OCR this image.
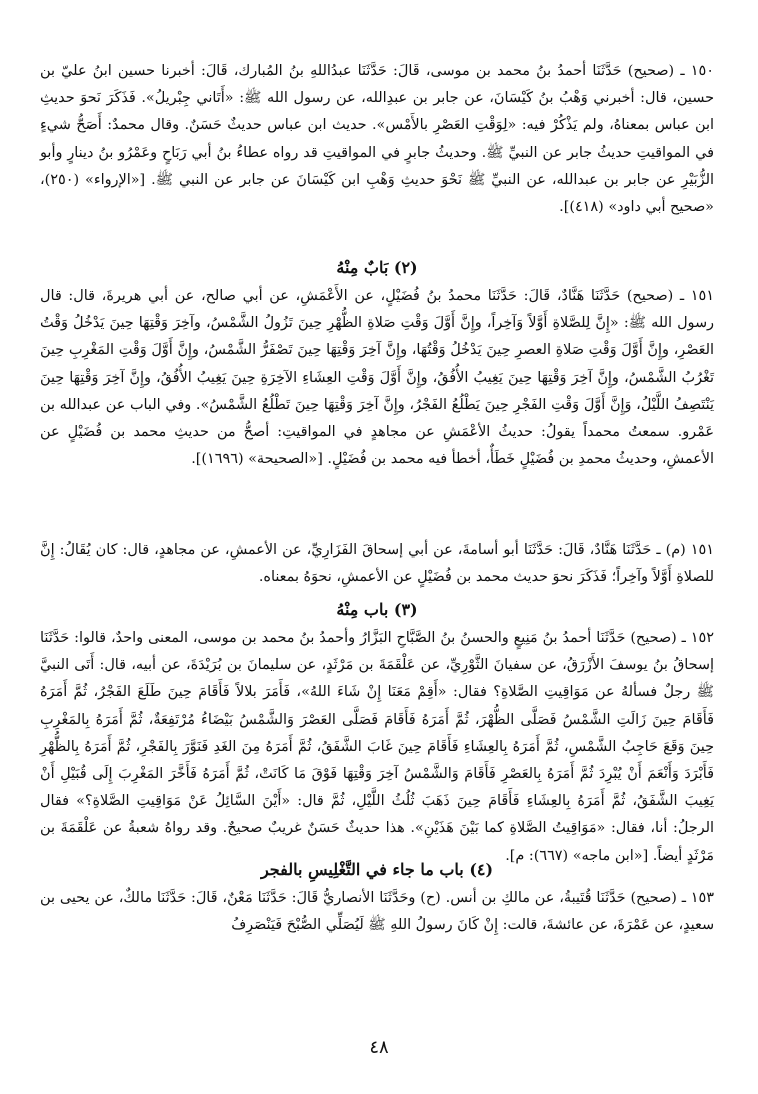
١٥٠ ـ (صحيح) حَدَّثَنَا أحمدُ بنُ محمد بن موسى، قَالَ: حَدَّثَنَا عبدُاللهِ بنُ المُبارك، قَالَ: أخبرنا حسين ابنُ عليّ بن حسين، قال: أخبرني وَهْبُ بنُ كَيْسَانَ، عن جابر بن عبدِالله، عن رسول الله ﷺ: «أَتَاني جِبْريلُ». فَذَكَرَ نَحوَ حديثِ ابن عباس بمعناهُ، ولم يَذْكُرْ فيه: «لِوَقْتِ العَصْرِ بالأَمْس». حديث ابن عباس حديثٌ حَسَنٌ. وقال محمدٌ: أَصَحُّ شيءٍ في المواقيتِ حديثُ جابر عن النبيِّ ﷺ. وحديثُ جابرٍ في المواقيتِ قد رواه عطاءُ بنُ أبي رَبَاحٍ وعَمْرُو بنُ دينارٍ وأبو الزُّبَيْرِ عن جابر بن عبدالله، عن النبيِّ ﷺ نَحْوَ حديثِ وَهْبِ ابن كَيْسَانَ عن جابر عن النبي ﷺ. [«الإرواء» (٢٥٠)، «صحيح أبي داود» (٤١٨)].

(٢) بَابٌ مِنْهُ

١٥١ ـ (صحيح) حَدَّثَنَا هَنَّادٌ، قَالَ: حَدَّثَنَا محمدُ بنُ فُضَيْلٍ، عن الأَعْمَشِ، عن أبي صالح، عن أبي هريرةَ، قال: قال رسول الله ﷺ: «إِنَّ لِلصَّلاةِ أَوَّلاً وَآخِراً، وإِنَّ أَوَّلَ وَقْتِ صَلاةِ الظُّهْرِ حِينَ تَزُولُ الشَّمْسُ، وآخِرَ وَقْتِهَا حِينَ يَدْخُلُ وَقْتُ العَصْرِ، وإِنَّ أَوَّلَ وَقْتِ صَلاةِ العصرِ حِينَ يَدْخُلُ وَقْتُهَا، وإِنَّ آخِرَ وَقْتِهَا حِينَ تَصْفَرُّ الشَّمْسُ، وإِنَّ أَوَّلَ وَقْتِ المَغْرِبِ حِينَ تَغْرُبُ الشَّمْسُ، وإِنَّ آخِرَ وَقْتِهَا حِينَ يَغِيبُ الأُفُقُ، وإِنَّ أَوَّلَ وَقْتِ العِشَاءِ الآخِرَةِ حِينَ يَغِيبُ الأُفُقُ، وإِنَّ آخِرَ وَقْتِهَا حِينَ يَنْتَصِفُ اللَّيْلُ، وَإِنَّ أَوَّلَ وَقْتِ الفَجْرِ حِينَ يَطْلُعُ الفَجْرُ، وإِنَّ آخِرَ وَقْتِهَا حِينَ تَطْلُعُ الشَّمْسُ». وفي الباب عن عبدالله بن عَمْرو. سمعتُ محمداً يقولُ: حديثُ الأعْمَشِ عن مجاهدٍ في المواقيتِ: أصحُّ من حديثِ محمد بن فُضَيْلٍ عن الأعمشِ، وحديثُ محمدِ بن فُضَيْلٍ خَطَأٌ، أخطأ فيه محمد بن فُضَيْلٍ. [«الصحيحة» (١٦٩٦)].

١٥١ (م) ـ حَدَّثَنَا هَنَّادٌ، قَالَ: حَدَّثَنَا أبو أسامةَ، عن أبي إسحاقَ الفَزَارِيِّ، عن الأعمشِ، عن مجاهدٍ، قال: كان يُقَالُ: إِنَّ للصلاةِ أَوَّلاً وآخِراً؛ فَذَكَرَ نحوَ حديث محمد بن فُضَيْلٍ عن الأعمشِ، نحوَهُ بمعناه.

(٣) باب مِنْهُ

١٥٢ ـ (صحيح) حَدَّثَنَا أحمدُ بنُ مَنِيعٍ والحسنُ بنُ الصَّبَّاحِ البَزَّارُ وأحمدُ بنُ محمد بن موسى، المعنى واحدٌ، قالوا: حَدَّثَنَا إسحاقُ بنُ يوسفَ الأَزْرَقُ، عن سفيانَ الثَّوْرِيِّ، عن عَلْقَمَةَ بن مَرْثَدٍ، عن سليمانَ بن بُرَيْدَةَ، عن أبيه، قال: أَتَى النبيَّ ﷺ رجلٌ فسألهُ عن مَوَاقِيتِ الصَّلاةِ؟ فقال: «أَقِمْ مَعَنَا إِنْ شَاءَ اللهُ»، فَأَمَرَ بلالاً فَأَقَامَ حِينَ طَلَعَ الفَجْرُ، ثُمَّ أَمَرَهُ فَأَقَامَ حِينَ زَالَتِ الشَّمْسُ فَصَلَّى الظُّهْرَ، ثُمَّ أَمَرَهُ فَأَقَامَ فَصَلَّى العَصْرَ وَالشَّمْسُ بَيْضَاءُ مُرْتَفِعَةٌ، ثُمَّ أَمَرَهُ بِالمَغْرِبِ حِينَ وَقَعَ حَاجِبُ الشَّمْسِ، ثُمَّ أَمَرَهُ بِالعِشَاءِ فَأَقَامَ حِينَ غَابَ الشَّفَقُ، ثُمَّ أَمَرَهُ مِنَ الغَدِ فَنَوَّرَ بِالفَجْرِ، ثُمَّ أَمَرَهُ بِالظُّهْرِ فَأَبْرَدَ وَأَنْعَمَ أَنْ يُبْرِدَ ثُمَّ أَمَرَهُ بِالعَصْرِ فَأَقَامَ وَالشَّمْسُ آخِرَ وَقْتِهَا فَوْقَ مَا كَانَتْ، ثُمَّ أَمَرَهُ فَأَخَّرَ المَغْرِبَ إِلَى قُبَيْلِ أَنْ يَغِيبَ الشَّفَقُ، ثُمَّ أَمَرَهُ بِالعِشَاءِ فَأَقَامَ حِينَ ذَهَبَ ثُلُثُ اللَّيْلِ، ثُمَّ قال: «أَيْنَ السَّائِلُ عَنْ مَوَاقِيتِ الصَّلاةِ؟» فقال الرجلُ: أنا، فقال: «مَوَاقِيتُ الصَّلاةِ كما بَيْنَ هَذَيْنِ». هذا حديثٌ حَسَنٌ غريبٌ صحيحٌ. وقد رواهُ شعبةُ عن عَلْقَمَةَ بن مَرْثَدٍ أيضاً. [«ابن ماجه» (٦٦٧): م].

(٤) باب ما جاء في التَّغْلِيسِ بالفجر

١٥٣ ـ (صحيح) حَدَّثَنَا قُتَيبةُ، عن مالكِ بن أنس. (ح) وحَدَّثَنَا الأنصاريُّ قَالَ: حَدَّثَنَا مَعْنٌ، قَالَ: حَدَّثَنَا مالكٌ، عن يحيى بن سعيدٍ، عن عَمْرَةَ، عن عائشةَ، قالت: إِنْ كَانَ رسولُ اللهِ ﷺ لَيُصَلِّي الصُّبْحَ فَيَنْصَرِفُ

٤٨
